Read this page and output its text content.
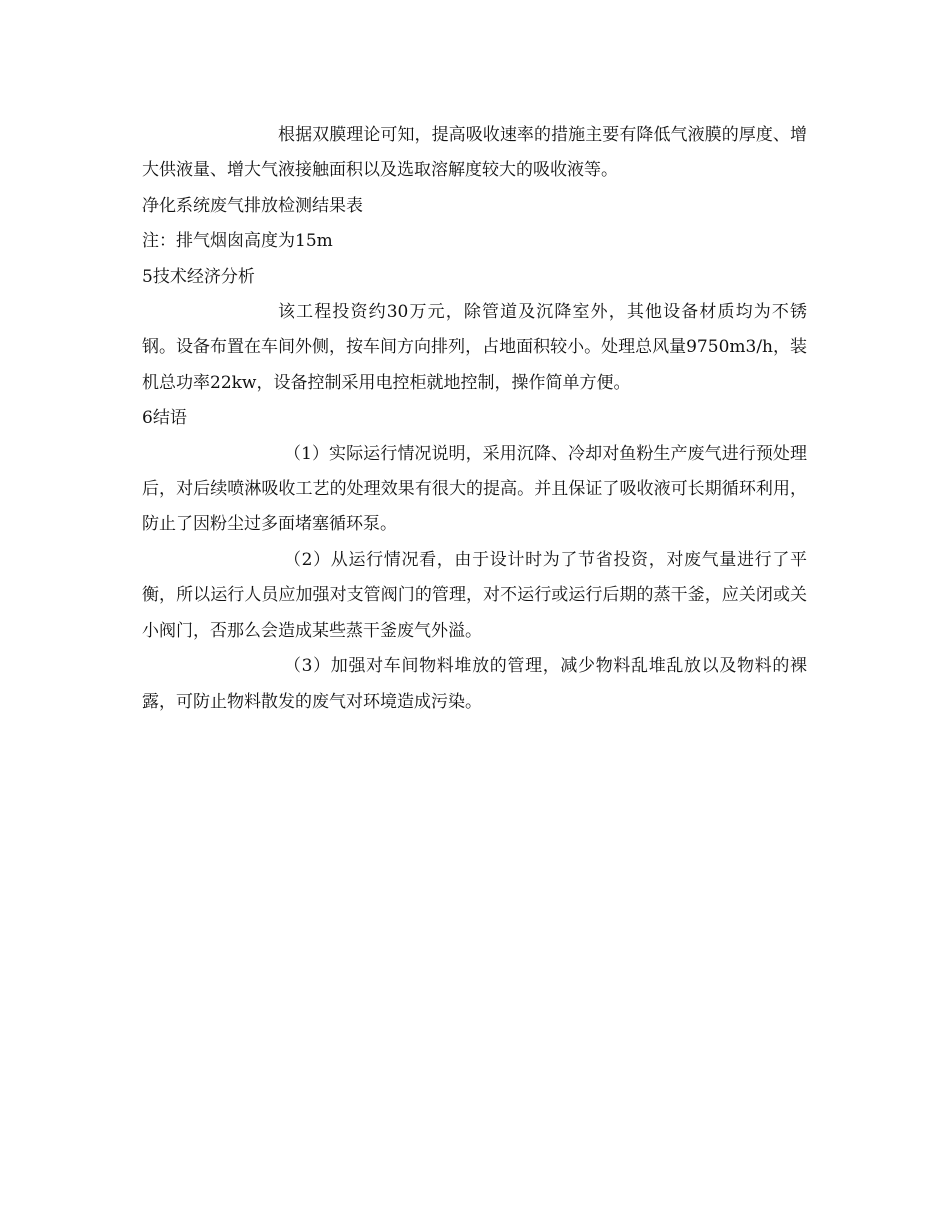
根据双膜理论可知，提高吸收速率的措施主要有降低气液膜的厚度、增大供液量、增大气液接触面积以及选取溶解度较大的吸收液等。

净化系统废气排放检测结果表

注：排气烟囱高度为15m

5技术经济分析

该工程投资约30万元，除管道及沉降室外，其他设备材质均为不锈钢。设备布置在车间外侧，按车间方向排列，占地面积较小。处理总风量9750m3/h，装机总功率22kw，设备控制采用电控柜就地控制，操作简单方便。

6结语

（1）实际运行情况说明，采用沉降、冷却对鱼粉生产废气进行预处理后，对后续喷淋吸收工艺的处理效果有很大的提高。并且保证了吸收液可长期循环利用，防止了因粉尘过多面堵塞循环泵。

（2）从运行情况看，由于设计时为了节省投资，对废气量进行了平衡，所以运行人员应加强对支管阀门的管理，对不运行或运行后期的蒸干釜，应关闭或关小阀门，否那么会造成某些蒸干釜废气外溢。

（3）加强对车间物料堆放的管理，减少物料乱堆乱放以及物料的裸露，可防止物料散发的废气对环境造成污染。
